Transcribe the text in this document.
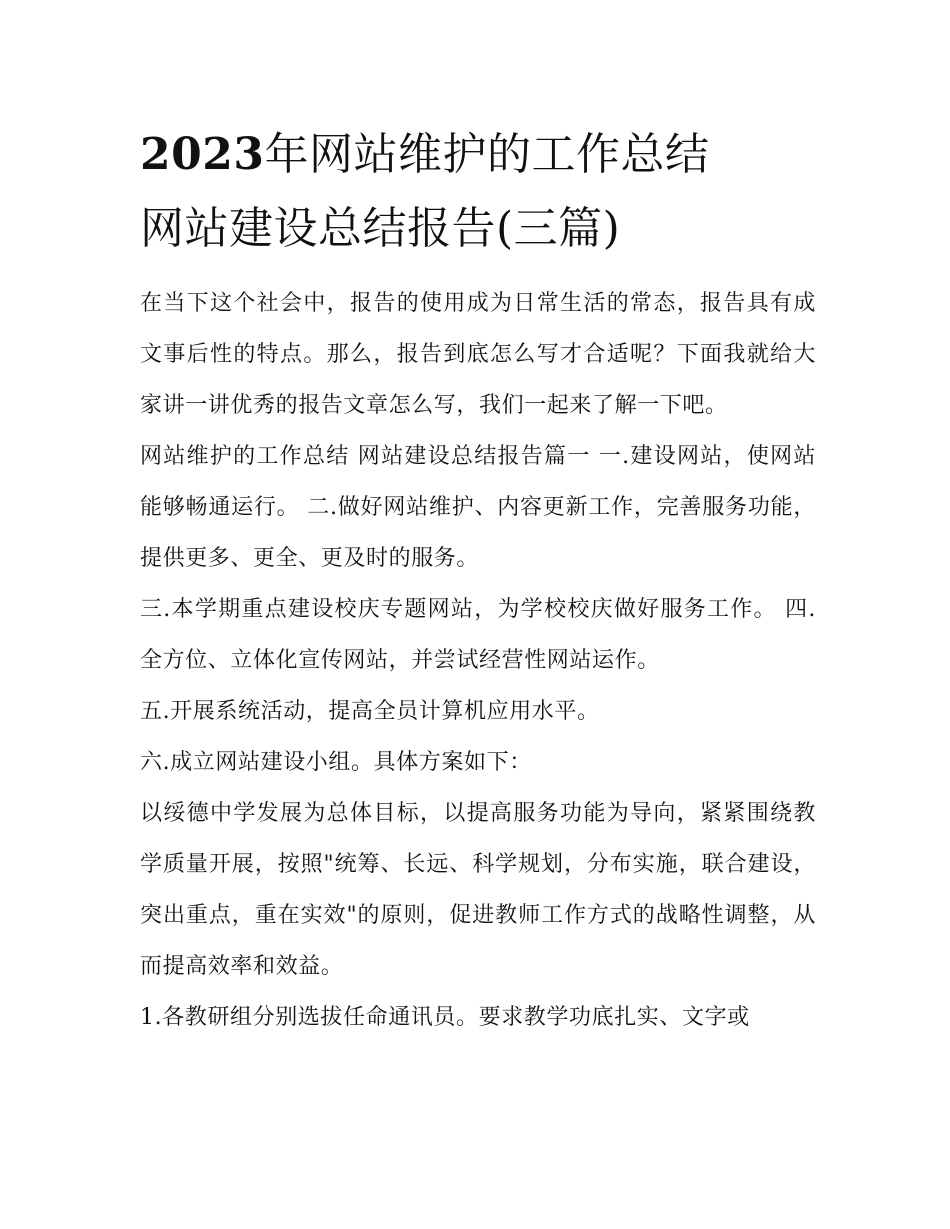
2023年网站维护的工作总结
网站建设总结报告(三篇)

在当下这个社会中，报告的使用成为日常生活的常态，报告具有成文事后性的特点。那么，报告到底怎么写才合适呢？下面我就给大家讲一讲优秀的报告文章怎么写，我们一起来了解一下吧。

网站维护的工作总结 网站建设总结报告篇一 一.建设网站，使网站能够畅通运行。 二.做好网站维护、内容更新工作，完善服务功能，提供更多、更全、更及时的服务。

三.本学期重点建设校庆专题网站，为学校校庆做好服务工作。 四.全方位、立体化宣传网站，并尝试经营性网站运作。

五.开展系统活动，提高全员计算机应用水平。

六.成立网站建设小组。具体方案如下：

以绥德中学发展为总体目标，以提高服务功能为导向，紧紧围绕教学质量开展，按照"统筹、长远、科学规划，分布实施，联合建设，突出重点，重在实效"的原则，促进教师工作方式的战略性调整，从而提高效率和效益。

1.各教研组分别选拔任命通讯员。要求教学功底扎实、文字或
